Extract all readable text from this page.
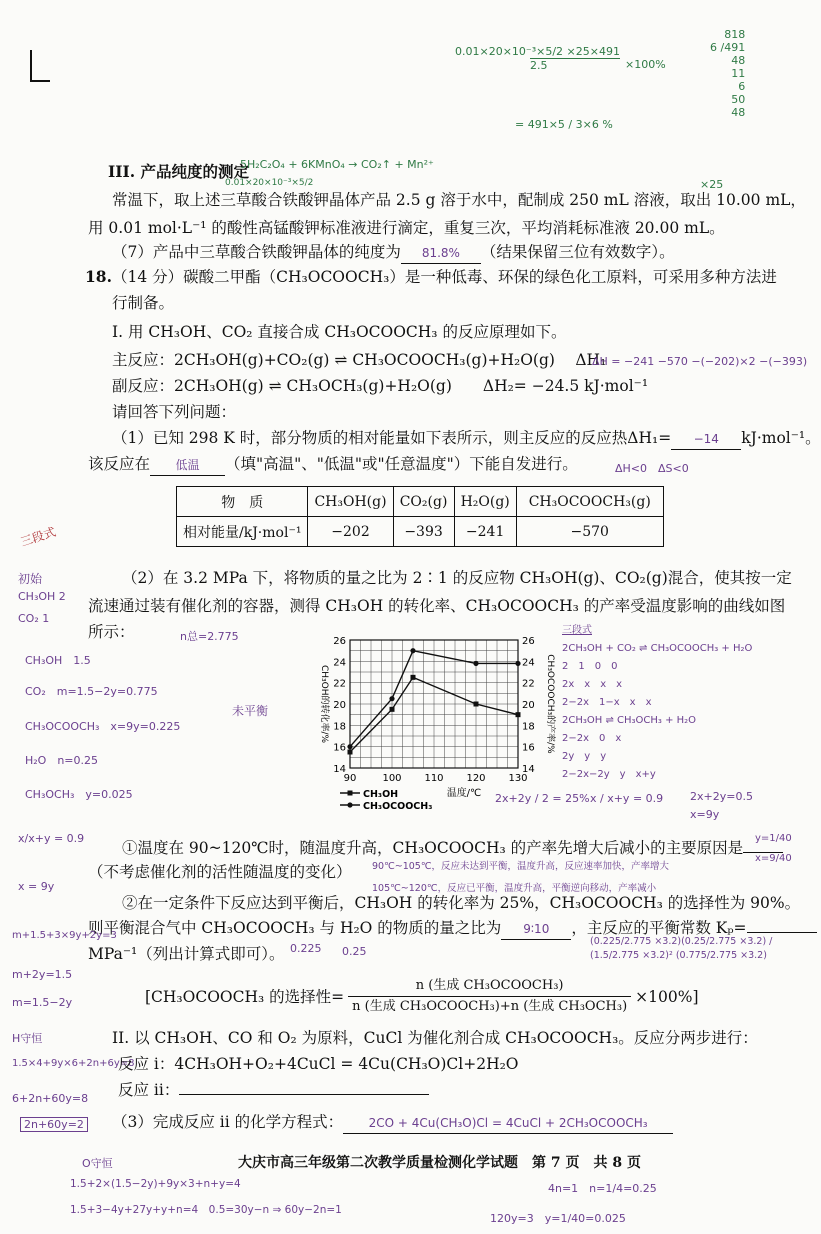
0.01×20×10⁻³×5/2 ×25×491
2.5	×100%
= 491×5 / 3×6 %
818
6 /491
48
11
6
50
48
III. 产品纯度的测定
5H₂C₂O₄ + 6KMnO₄ → CO₂↑ + Mn²⁺
0.01×20×10⁻³×5/2	×25
常温下，取上述三草酸合铁酸钾晶体产品 2.5 g 溶于水中，配制成 250 mL 溶液，取出 10.00 mL，
用 0.01 mol·L⁻¹ 的酸性高锰酸钾标准液进行滴定，重复三次，平均消耗标准液 20.00 mL。
（7）产品中三草酸合铁酸钾晶体的纯度为 81.8% （结果保留三位有效数字）。
18. （14 分）碳酸二甲酯（CH₃OCOOCH₃）是一种低毒、环保的绿色化工原料，可采用多种方法进
行制备。
I. 用 CH₃OH、CO₂ 直接合成 CH₃OCOOCH₃ 的反应原理如下。
主反应：2CH₃OH(g)+CO₂(g) ⇌ CH₃OCOOCH₃(g)+H₂O(g)　 ΔH₁
副反应：2CH₃OH(g) ⇌ CH₃OCH₃(g)+H₂O(g)　　ΔH₂= −24.5 kJ·mol⁻¹
ΔH = −241 −570 −(−202)×2 −(−393)
请回答下列问题：
（1）已知 298 K 时，部分物质的相对能量如下表所示，则主反应的反应热ΔH₁= −14 kJ·mol⁻¹。
该反应在 低温 （填"高温"、"低温"或"任意温度"）下能自发进行。	ΔH<0　ΔS<0
物　质	CH₃OH(g)	CO₂(g)	H₂O(g)	CH₃OCOOCH₃(g)
相对能量/kJ·mol⁻¹	−202	−393	−241	−570
三段式
初始
CH₃OH 2
CO₂ 1
CH₃OH　1.5
CO₂　m=1.5−2y=0.775
CH₃OCOOCH₃　x=9y=0.225
H₂O　n=0.25
CH₃OCH₃　y=0.025
（2）在 3.2 MPa 下，将物质的量之比为 2∶1 的反应物 CH₃OH(g)、CO₂(g)混合，使其按一定
流速通过装有催化剂的容器，测得 CH₃OH 的转化率、CH₃OCOOCH₃ 的产率受温度影响的曲线如图
所示：	n总=2.775
未平衡
14	14
16	16
18	18
20	20
22	22
24	24
26	26
90	100 110 120 130
CH₃OH的转化率/%	CH₃OCOOCH₃的产率/%
温度/℃
CH₃OH
CH₃OCOOCH₃
三段式
2CH₃OH + CO₂ ⇌ CH₃OCOOCH₃ + H₂O
2　1　0　0
2x　x　x　x
2−2x　1−x　x　x
2CH₃OH ⇌ CH₃OCH₃ + H₂O
2−2x　0　x
2y　y　y
2−2x−2y　y　x+y
2x+2y / 2 = 25% x / x+y = 0.9 2x+2y=0.5
x=9y
y=1/40
x=9/40
x/x+y = 0.9
x = 9y
①温度在 90~120℃时，随温度升高，CH₃OCOOCH₃ 的产率先增大后减小的主要原因是
（不考虑催化剂的活性随温度的变化） 90℃~105℃，反应未达到平衡，温度升高，反应速率加快，产率增大
105℃~120℃，反应已平衡，温度升高，平衡逆向移动，产率减小
②在一定条件下反应达到平衡后，CH₃OH 的转化率为 25%，CH₃OCOOCH₃ 的选择性为 90%。
则平衡混合气中 CH₃OCOOCH₃ 与 H₂O 的物质的量之比为 9∶10 ，主反应的平衡常数 Kₚ=
(0.225/2.775 ×3.2)(0.25/2.775 ×3.2) / (1.5/2.775 ×3.2)² (0.775/2.775 ×3.2)
MPa⁻¹（列出计算式即可）。 0.225 0.25
m+1.5+3×9y+2y=3
m+2y=1.5
m=1.5−2y	[CH₃OCOOCH₃ 的选择性= $\frac{\text{n (生成 CH₃OCOOCH₃)}}{\text{n (生成 CH₃OCOOCH₃)+n (生成 CH₃OCH₃)}} \times 100\%$]
H守恒	II. 以 CH₃OH、CO 和 O₂ 为原料，CuCl 为催化剂合成 CH₃OCOOCH₃。反应分两步进行：
1.5×4+9y×6+2n+6y=8
反应 i：4CH₃OH+O₂+4CuCl = 4Cu(CH₃O)Cl+2H₂O
反应 ii：
6+2n+60y=8
2n+60y=2 （3）完成反应 ii 的化学方程式： 2CO + 4Cu(CH₃O)Cl = 4CuCl + 2CH₃OCOOCH₃
大庆市高三年级第二次教学质量检测化学试题　第 7 页　共 8 页
O守恒
1.5+2×(1.5−2y)+9y×3+n+y=4
1.5+3−4y+27y+y+n=4　0.5=30y−n ⇒ 60y−2n=1
4n=1　n=1/4=0.25
120y=3　y=1/40=0.025
